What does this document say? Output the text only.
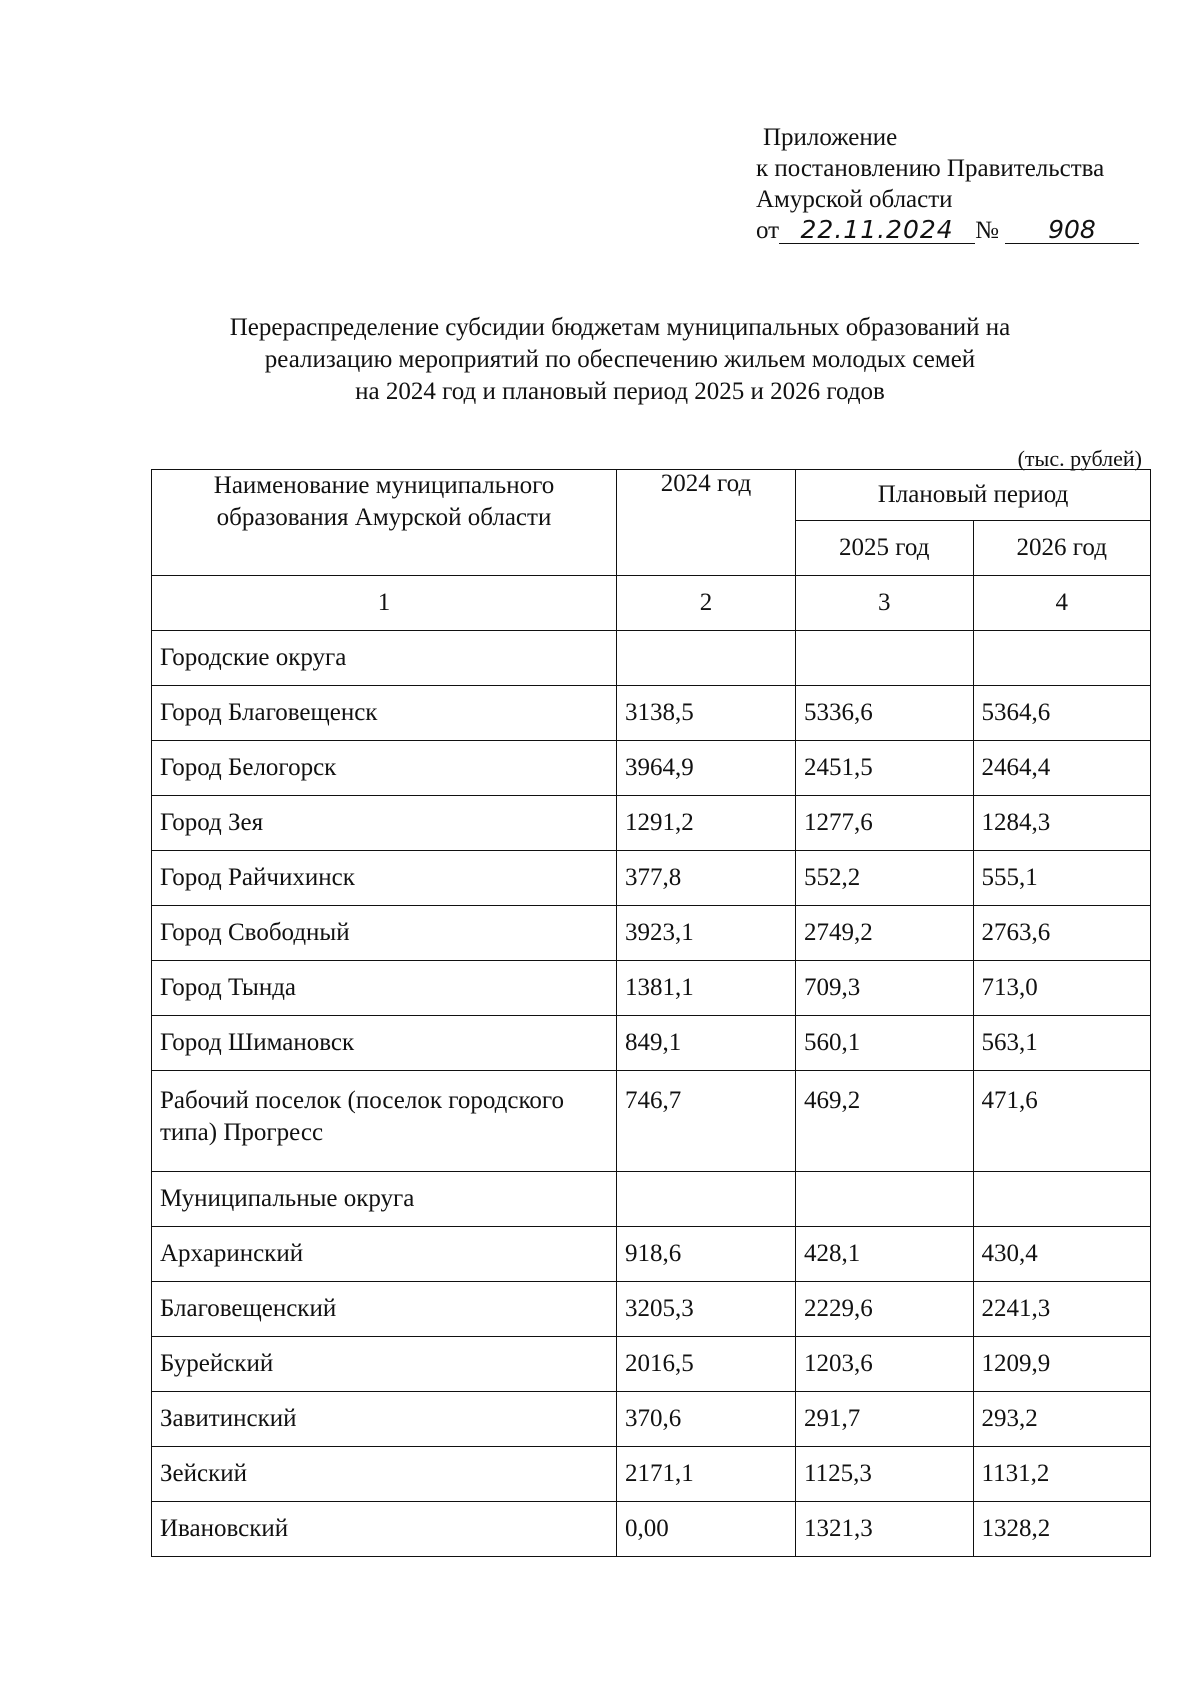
Приложение
к постановлению Правительства
Амурской области
от 22.11.2024 № 908
Перераспределение субсидии бюджетам муниципальных образований на
реализацию мероприятий по обеспечению жильем молодых семей
на 2024 год и плановый период 2025 и 2026 годов
(тыс. рублей)
Наименование муниципального образования Амурской области	2024 год	Плановый период	
		2025 год	2026 год
1	2	3	4
Городские округа			
Город Благовещенск	3138,5	5336,6	5364,6
Город Белогорск	3964,9	2451,5	2464,4
Город Зея	1291,2	1277,6	1284,3
Город Райчихинск	377,8	552,2	555,1
Город Свободный	3923,1	2749,2	2763,6
Город Тында	1381,1	709,3	713,0
Город Шимановск	849,1	560,1	563,1
Рабочий поселок (поселок городского типа) Прогресс	746,7	469,2	471,6
Муниципальные округа			
Архаринский	918,6	428,1	430,4
Благовещенский	3205,3	2229,6	2241,3
Бурейский	2016,5	1203,6	1209,9
Завитинский	370,6	291,7	293,2
Зейский	2171,1	1125,3	1131,2
Ивановский	0,00	1321,3	1328,2
